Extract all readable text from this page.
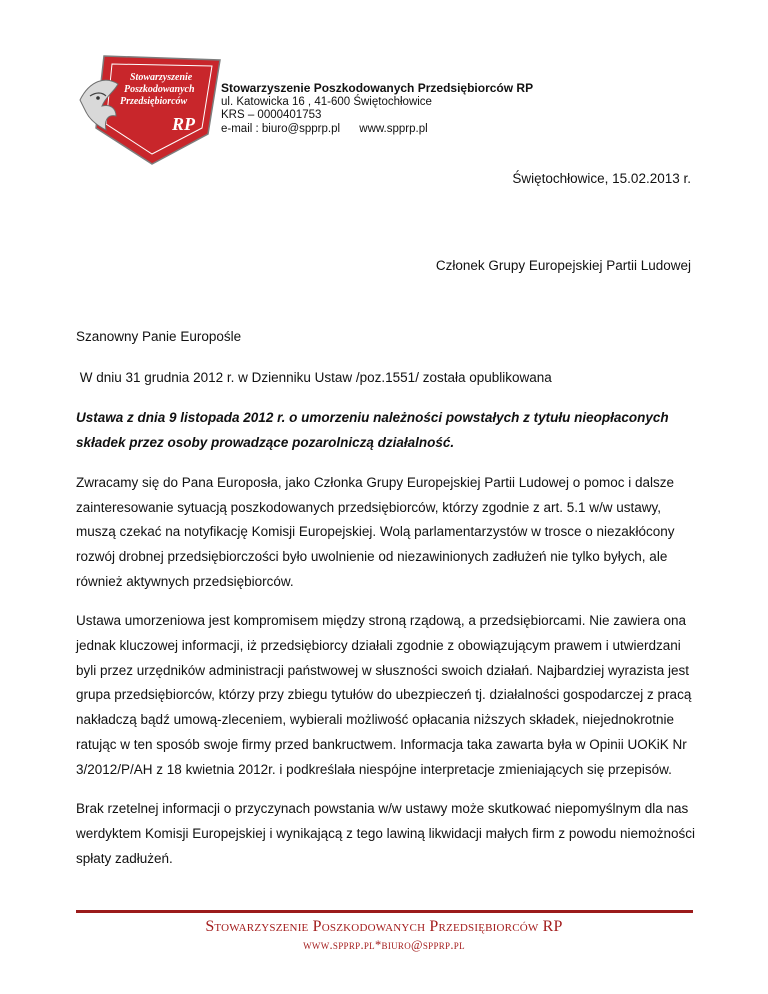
Stowarzyszenie
Poszkodowanych
Przedsiębiorców
RP
Stowarzyszenie Poszkodowanych Przedsiębiorców RP
ul. Katowicka 16 , 41-600 Świętochłowice
KRS – 0000401753
e-mail : biuro@spprp.pl www.spprp.pl
Świętochłowice, 15.02.2013 r.
Członek Grupy Europejskiej Partii Ludowej

Szanowny Panie Europośle

W dniu 31 grudnia 2012 r. w Dzienniku Ustaw /poz.1551/ została opublikowana

Ustawa z dnia 9 listopada 2012 r. o umorzeniu należności powstałych z tytułu nieopłaconych składek przez osoby prowadzące pozarolniczą działalność.

Zwracamy się do Pana Europosła, jako Członka Grupy Europejskiej Partii Ludowej o pomoc i dalsze zainteresowanie sytuacją poszkodowanych przedsiębiorców, którzy zgodnie z art. 5.1 w/w ustawy, muszą czekać na notyfikację Komisji Europejskiej. Wolą parlamentarzystów w trosce o niezakłócony rozwój drobnej przedsiębiorczości było uwolnienie od niezawinionych zadłużeń nie tylko byłych, ale również aktywnych przedsiębiorców.

Ustawa umorzeniowa jest kompromisem między stroną rządową, a przedsiębiorcami. Nie zawiera ona jednak kluczowej informacji, iż przedsiębiorcy działali zgodnie z obowiązującym prawem i utwierdzani byli przez urzędników administracji państwowej w słuszności swoich działań. Najbardziej wyrazista jest grupa przedsiębiorców, którzy przy zbiegu tytułów do ubezpieczeń tj. działalności gospodarczej z pracą nakładczą bądź umową-zleceniem, wybierali możliwość opłacania niższych składek, niejednokrotnie ratując w ten sposób swoje firmy przed bankructwem. Informacja taka zawarta była w Opinii UOKiK Nr 3/2012/P/AH z 18 kwietnia 2012r. i podkreślała niespójne interpretacje zmieniających się przepisów.

Brak rzetelnej informacji o przyczynach powstania w/w ustawy może skutkować niepomyślnym dla nas werdyktem Komisji Europejskiej i wynikającą z tego lawiną likwidacji małych firm z powodu niemożności spłaty zadłużeń.

Stowarzyszenie Poszkodowanych Przedsiębiorców RP
www.spprp.pl*biuro@spprp.pl
